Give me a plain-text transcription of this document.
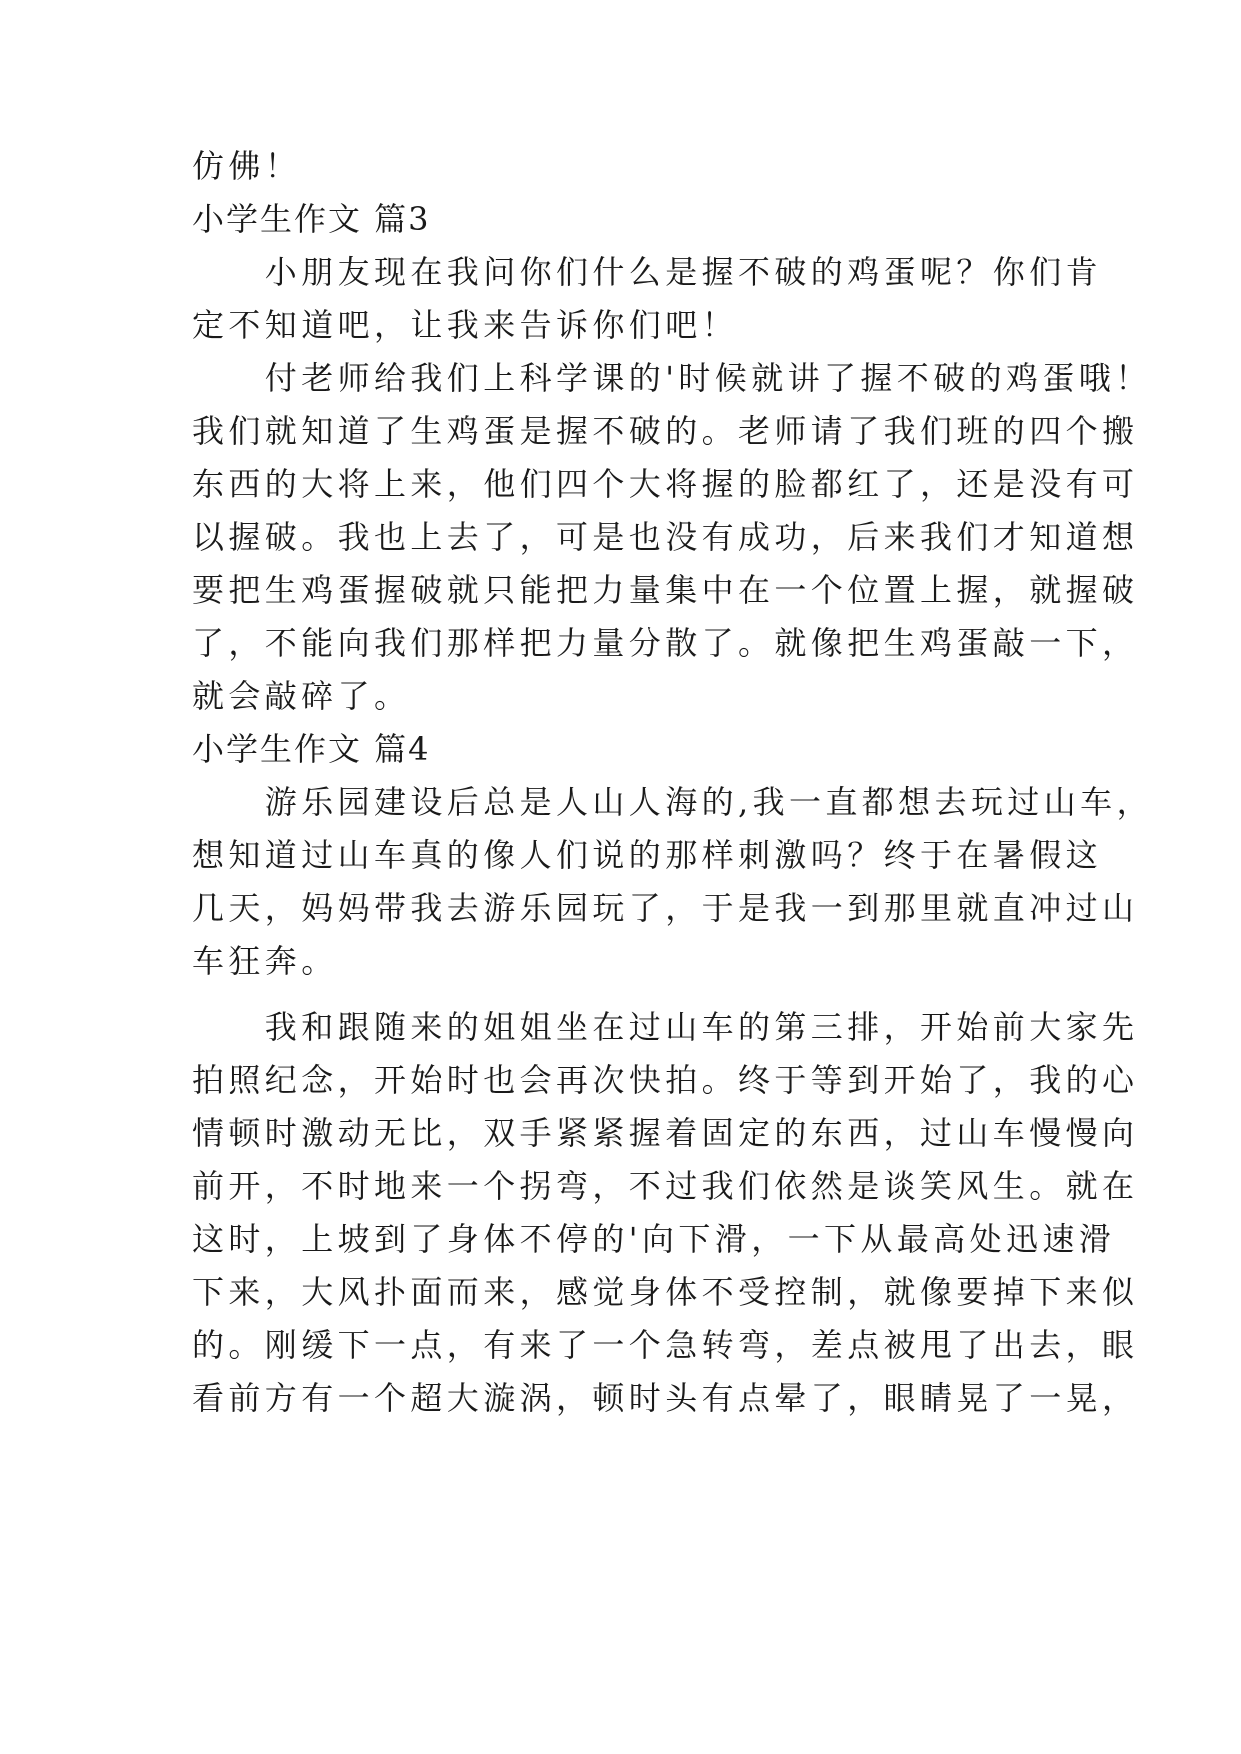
仿佛！
小学生作文 篇3
　　小朋友现在我问你们什么是握不破的鸡蛋呢？你们肯
定不知道吧，让我来告诉你们吧！
　　付老师给我们上科学课的'时候就讲了握不破的鸡蛋哦！
我们就知道了生鸡蛋是握不破的。老师请了我们班的四个搬
东西的大将上来，他们四个大将握的脸都红了，还是没有可
以握破。我也上去了，可是也没有成功，后来我们才知道想
要把生鸡蛋握破就只能把力量集中在一个位置上握，就握破
了，不能向我们那样把力量分散了。就像把生鸡蛋敲一下，
就会敲碎了。
小学生作文 篇4
　　游乐园建设后总是人山人海的,我一直都想去玩过山车，
想知道过山车真的像人们说的那样刺激吗？终于在暑假这
几天，妈妈带我去游乐园玩了，于是我一到那里就直冲过山
车狂奔。
　　我和跟随来的姐姐坐在过山车的第三排，开始前大家先
拍照纪念，开始时也会再次快拍。终于等到开始了，我的心
情顿时激动无比，双手紧紧握着固定的东西，过山车慢慢向
前开，不时地来一个拐弯，不过我们依然是谈笑风生。就在
这时，上坡到了身体不停的'向下滑，一下从最高处迅速滑
下来，大风扑面而来，感觉身体不受控制，就像要掉下来似
的。刚缓下一点，有来了一个急转弯，差点被甩了出去，眼
看前方有一个超大漩涡，顿时头有点晕了，眼睛晃了一晃，
